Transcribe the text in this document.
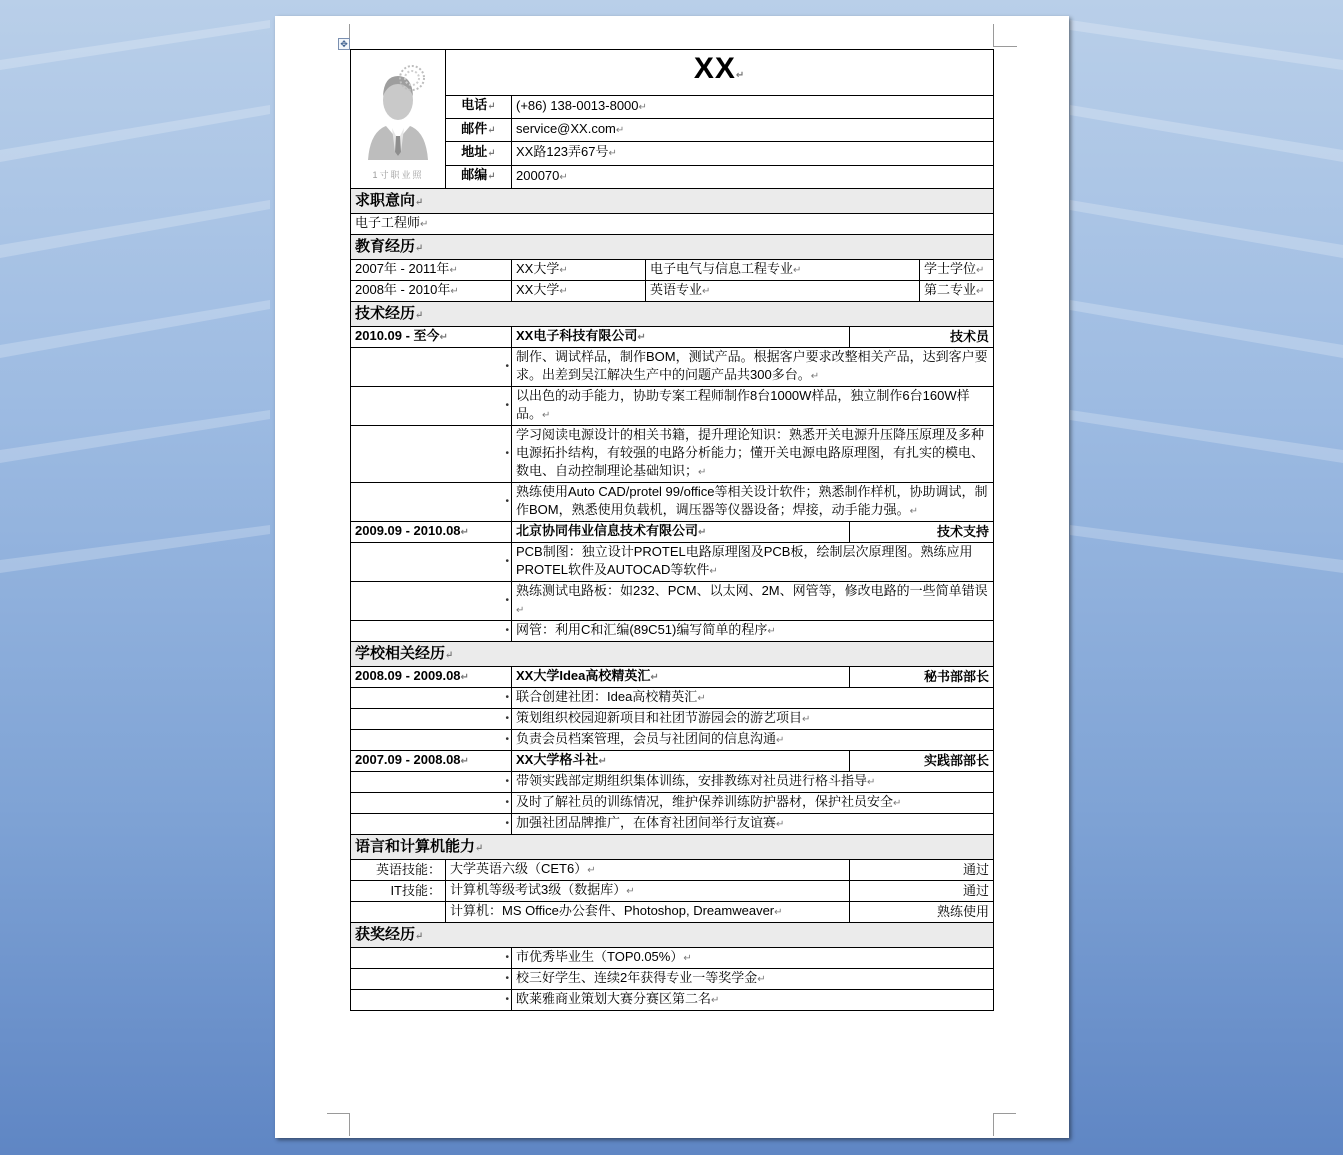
✥
1寸职业照	XX↵				
	电话↵	(+86) 138-0013-8000↵			
	邮件↵	service@XX.com↵			
	地址↵	XX路123弄67号↵			
	邮编↵	200070↵			
求职意向↵					
电子工程师↵					
教育经历↵					
2007年 - 2011年↵		XX大学↵	电子电气与信息工程专业↵		学士学位↵
2008年 - 2010年↵		XX大学↵	英语专业↵		第二专业↵
技术经历↵					
2010.09 - 至今↵		XX电子科技有限公司↵		技术员	
•		制作、调试样品，制作BOM，测试产品。根据客户要求改整相关产品，达到客户要求。出差到吴江解决生产中的问题产品共300多台。↵			
•		以出色的动手能力，协助专案工程师制作8台1000W样品，独立制作6台160W样品。↵			
•		学习阅读电源设计的相关书籍，提升理论知识：熟悉开关电源升压降压原理及多种电源拓扑结构，有较强的电路分析能力；懂开关电源电路原理图，有扎实的模电、数电、自动控制理论基础知识；↵			
•		熟练使用Auto CAD/protel 99/office等相关设计软件；熟悉制作样机，协助调试，制作BOM，熟悉使用负载机，调压器等仪器设备；焊接，动手能力强。↵			
2009.09 - 2010.08↵		北京协同伟业信息技术有限公司↵		技术支持	
•		PCB制图：独立设计PROTEL电路原理图及PCB板，绘制层次原理图。熟练应用PROTEL软件及AUTOCAD等软件↵			
•		熟练测试电路板：如232、PCM、以太网、2M、网管等，修改电路的一些简单错误↵			
•		网管：利用C和汇编(89C51)编写简单的程序↵			
学校相关经历↵					
2008.09 - 2009.08↵		XX大学Idea高校精英汇↵		秘书部部长	
•		联合创建社团：Idea高校精英汇↵			
•		策划组织校园迎新项目和社团节游园会的游艺项目↵			
•		负责会员档案管理，会员与社团间的信息沟通↵			
2007.09 - 2008.08↵		XX大学格斗社↵		实践部部长	
•		带领实践部定期组织集体训练，安排教练对社员进行格斗指导↵			
•		及时了解社员的训练情况，维护保养训练防护器材，保护社员安全↵			
•		加强社团品牌推广，在体育社团间举行友谊赛↵			
语言和计算机能力↵					
英语技能：	大学英语六级（CET6）↵			通过	
IT技能：	计算机等级考试3级（数据库）↵			通过	
	计算机：MS Office办公套件、Photoshop, Dreamweaver↵			熟练使用	
获奖经历↵					
•		市优秀毕业生（TOP0.05%）↵			
•		校三好学生、连续2年获得专业一等奖学金↵			
•		欧莱雅商业策划大赛分赛区第二名↵			
